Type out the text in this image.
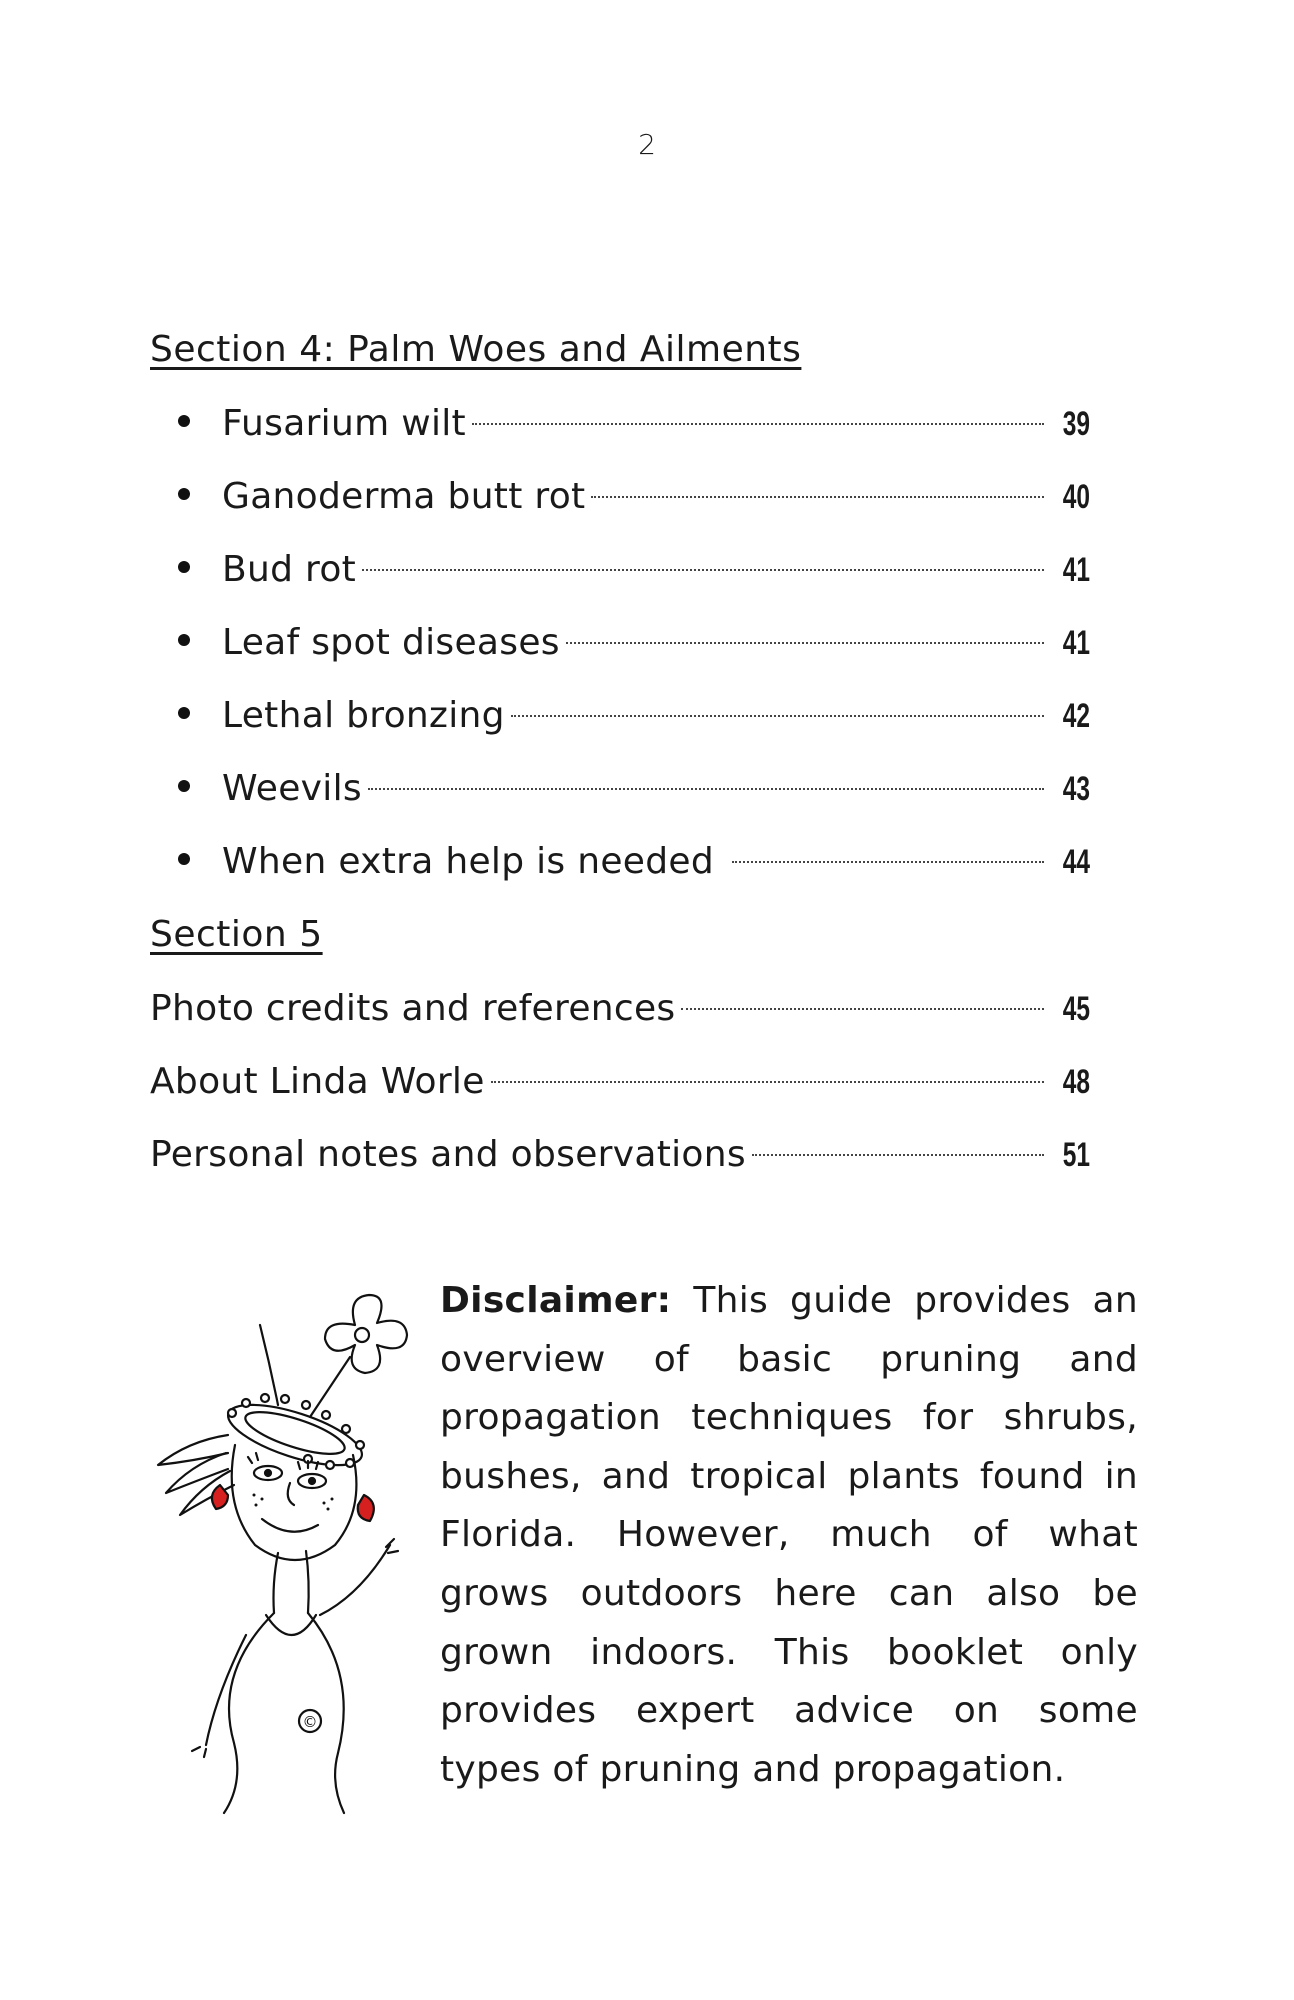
2
Section 4: Palm Woes and Ailments
Fusarium wilt	39
Ganoderma butt rot	40
Bud rot	41
Leaf spot diseases	41
Lethal bronzing	42
Weevils	43
When extra help is needed	44
Section 5
Photo credits and references	45
About Linda Worle	48
Personal notes and observations	51
©
Disclaimer: This guide provides an overview of basic pruning and propagation techniques for shrubs, bushes, and tropical plants found in Florida. However, much of what grows outdoors here can also be grown indoors. This booklet only provides expert advice on some types of pruning and propagation.
